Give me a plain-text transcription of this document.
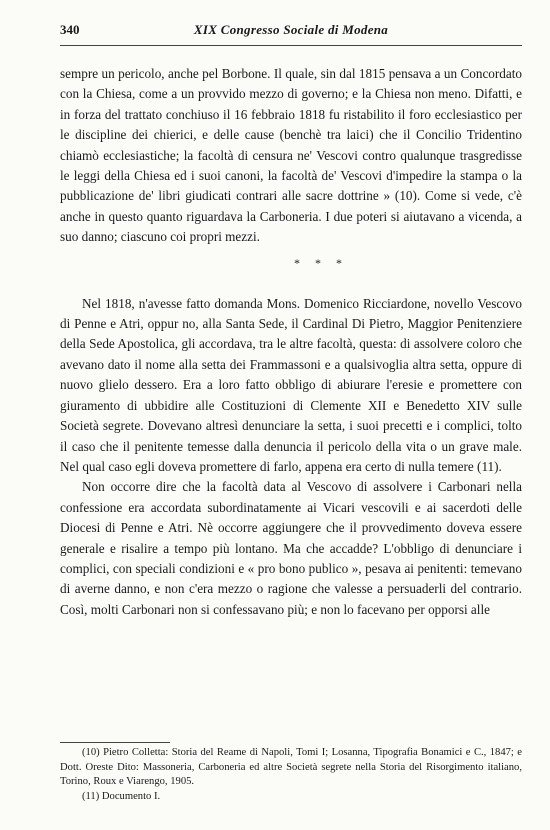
340	XIX Congresso Sociale di Modena

sempre un pericolo, anche pel Borbone. Il quale, sin dal 1815 pensava a un Concordato con la Chiesa, come a un provvido mezzo di governo; e la Chiesa non meno. Difatti, e in forza del trattato conchiuso il 16 febbraio 1818 fu ristabilito il foro ecclesiastico per le discipline dei chierici, e delle cause (benchè tra laici) che il Concilio Tridentino chiamò ecclesiastiche; la facoltà di censura ne' Vescovi contro qualunque trasgredisse le leggi della Chiesa ed i suoi canoni, la facoltà de' Vescovi d'impedire la stampa o la pubblicazione de' libri giudicati contrari alle sacre dottrine » (10). Come si vede, c'è anche in questo quanto riguardava la Carboneria. I due poteri si aiutavano a vicenda, a suo danno; ciascuno coi propri mezzi.

* * *

Nel 1818, n'avesse fatto domanda Mons. Domenico Ricciardone, novello Vescovo di Penne e Atri, oppur no, alla Santa Sede, il Cardinal Di Pietro, Maggior Penitenziere della Sede Apostolica, gli accordava, tra le altre facoltà, questa: di assolvere coloro che avevano dato il nome alla setta dei Frammassoni e a qualsivoglia altra setta, oppure di nuovo glielo dessero. Era a loro fatto obbligo di abiurare l'eresie e promettere con giuramento di ubbidire alle Costituzioni di Clemente XII e Benedetto XIV sulle Società segrete. Dovevano altresì denunciare la setta, i suoi precetti e i complici, tolto il caso che il penitente temesse dalla denuncia il pericolo della vita o un grave male. Nel qual caso egli doveva promettere di farlo, appena era certo di nulla temere (11).

Non occorre dire che la facoltà data al Vescovo di assolvere i Carbonari nella confessione era accordata subordinatamente ai Vicari vescovili e ai sacerdoti delle Diocesi di Penne e Atri. Nè occorre aggiungere che il provvedimento doveva essere generale e risalire a tempo più lontano. Ma che accadde? L'obbligo di denunciare i complici, con speciali condizioni e « pro bono publico », pesava ai penitenti: temevano di averne danno, e non c'era mezzo o ragione che valesse a persuaderli del contrario. Così, molti Carbonari non si confessavano più; e non lo facevano per opporsi alle

(10) Pietro Colletta: Storia del Reame di Napoli, Tomi I; Losanna, Tipografia Bonamici e C., 1847; e Dott. Oreste Dito: Massoneria, Carboneria ed altre Società segrete nella Storia del Risorgimento italiano, Torino, Roux e Viarengo, 1905.

(11) Documento I.
